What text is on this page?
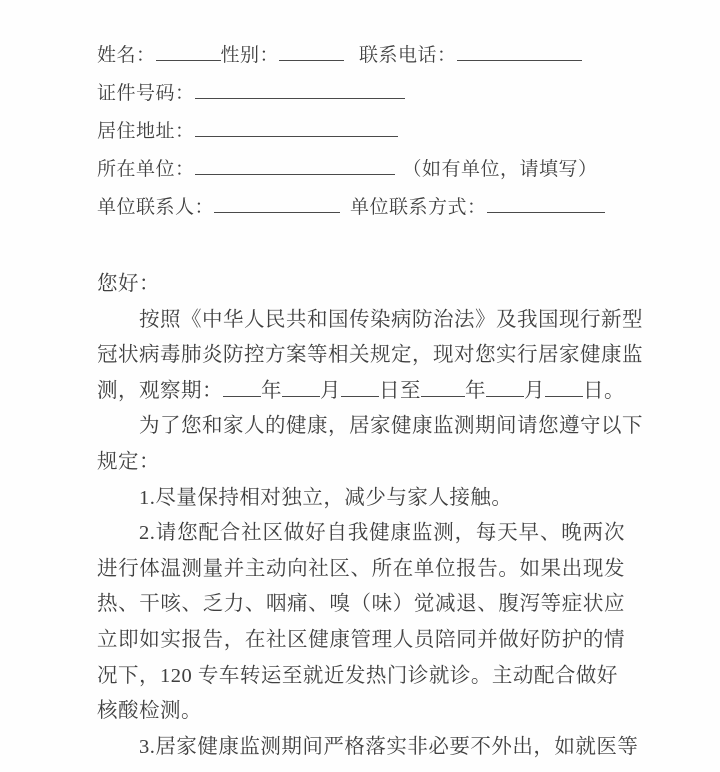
姓名：	性别：	联系电话：
证件号码：
居住地址：
所在单位：	（如有单位，请填写）
单位联系人：	单位联系方式：
您好：
按照《中华人民共和国传染病防治法》及我国现行新型
冠状病毒肺炎防控方案等相关规定，现对您实行居家健康监
测，观察期： 年 月 日至 年 月 日。
为了您和家人的健康，居家健康监测期间请您遵守以下
规定：
1.尽量保持相对独立，减少与家人接触。
2.请您配合社区做好自我健康监测，每天早、晚两次
进行体温测量并主动向社区、所在单位报告。如果出现发
热、干咳、乏力、咽痛、嗅（味）觉减退、腹泻等症状应
立即如实报告，在社区健康管理人员陪同并做好防护的情
况下，120 专车转运至就近发热门诊就诊。主动配合做好
核酸检测。
3.居家健康监测期间严格落实非必要不外出，如就医等
